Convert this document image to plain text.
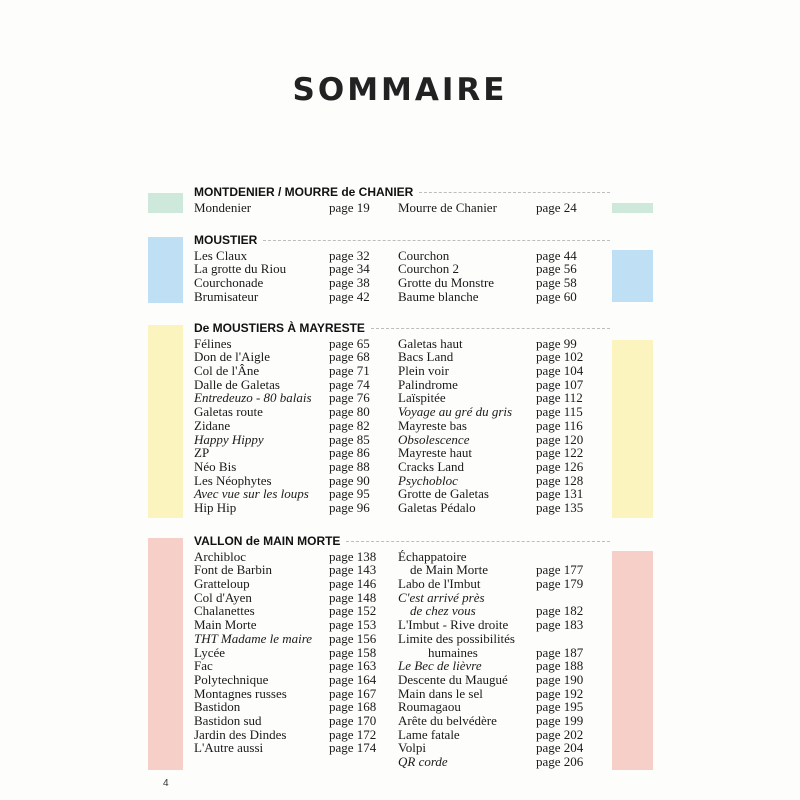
SOMMAIRE
MONTDENIER / MOURRE de CHANIER
Mondenier	page 19 Mourre de Chanier	page 24
MOUSTIER
Les Claux	page 32
La grotte du Riou	page 34
Courchonade	page 38
Brumisateur	page 42
Courchon	page 44
Courchon 2	page 56
Grotte du Monstre	page 58
Baume blanche	page 60
De MOUSTIERS À MAYRESTE
Félines	page 65
Don de l'Aigle	page 68
Col de l'Âne	page 71
Dalle de Galetas	page 74
Entredeuzo - 80 balais	page 76
Galetas route	page 80
Zidane	page 82
Happy Hippy	page 85
ZP	page 86
Néo Bis	page 88
Les Néophytes	page 90
Avec vue sur les loups	page 95
Hip Hip	page 96
Galetas haut	page 99
Bacs Land	page 102
Plein voir	page 104
Palindrome	page 107
Laïspitée	page 112
Voyage au gré du gris	page 115
Mayreste bas	page 116
Obsolescence	page 120
Mayreste haut	page 122
Cracks Land	page 126
Psychobloc	page 128
Grotte de Galetas	page 131
Galetas Pédalo	page 135
VALLON de MAIN MORTE
Archibloc	page 138
Font de Barbin	page 143
Gratteloup	page 146
Col d'Ayen	page 148
Chalanettes	page 152
Main Morte	page 153
THT Madame le maire	page 156
Lycée	page 158
Fac	page 163
Polytechnique	page 164
Montagnes russes	page 167
Bastidon	page 168
Bastidon sud	page 170
Jardin des Dindes	page 172
L'Autre aussi	page 174
Échappatoire
de Main Morte	page 177
Labo de l'Imbut	page 179
C'est arrivé près
de chez vous	page 182
L'Imbut - Rive droite	page 183
Limite des possibilités
humaines	page 187
Le Bec de lièvre	page 188
Descente du Maugué	page 190
Main dans le sel	page 192
Roumagaou	page 195
Arête du belvédère	page 199
Lame fatale	page 202
Volpi	page 204
QR corde	page 206
4
